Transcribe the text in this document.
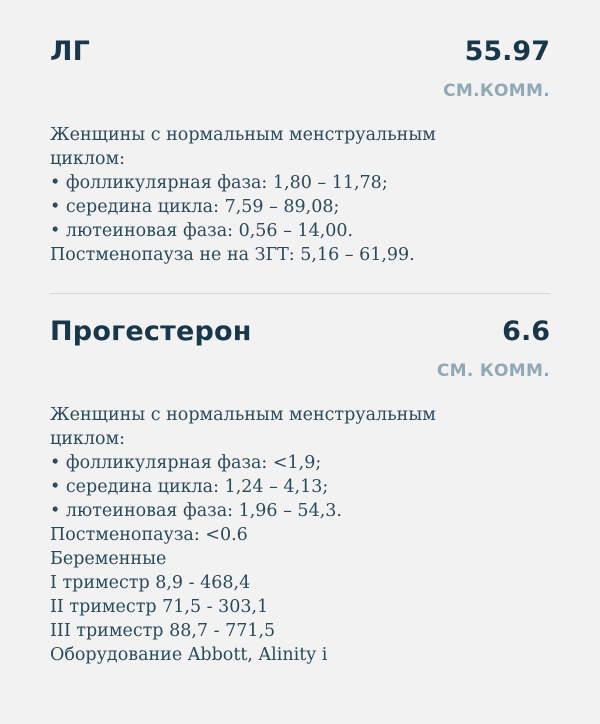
ЛГ	55.97
СМ.КОММ.
Женщины с нормальным менструальным
циклом:
• фолликулярная фаза: 1,80 – 11,78;
• середина цикла: 7,59 – 89,08;
• лютеиновая фаза: 0,56 – 14,00.
Постменопауза не на ЗГТ: 5,16 – 61,99.
Прогестерон	6.6
СМ. КОММ.
Женщины с нормальным менструальным
циклом:
• фолликулярная фаза: <1,9;
• середина цикла: 1,24 – 4,13;
• лютеиновая фаза: 1,96 – 54,3.
Постменопауза: <0.6
Беременные
I триместр 8,9 - 468,4
II триместр 71,5 - 303,1
III триместр 88,7 - 771,5
Оборудование Abbott, Alinity i
